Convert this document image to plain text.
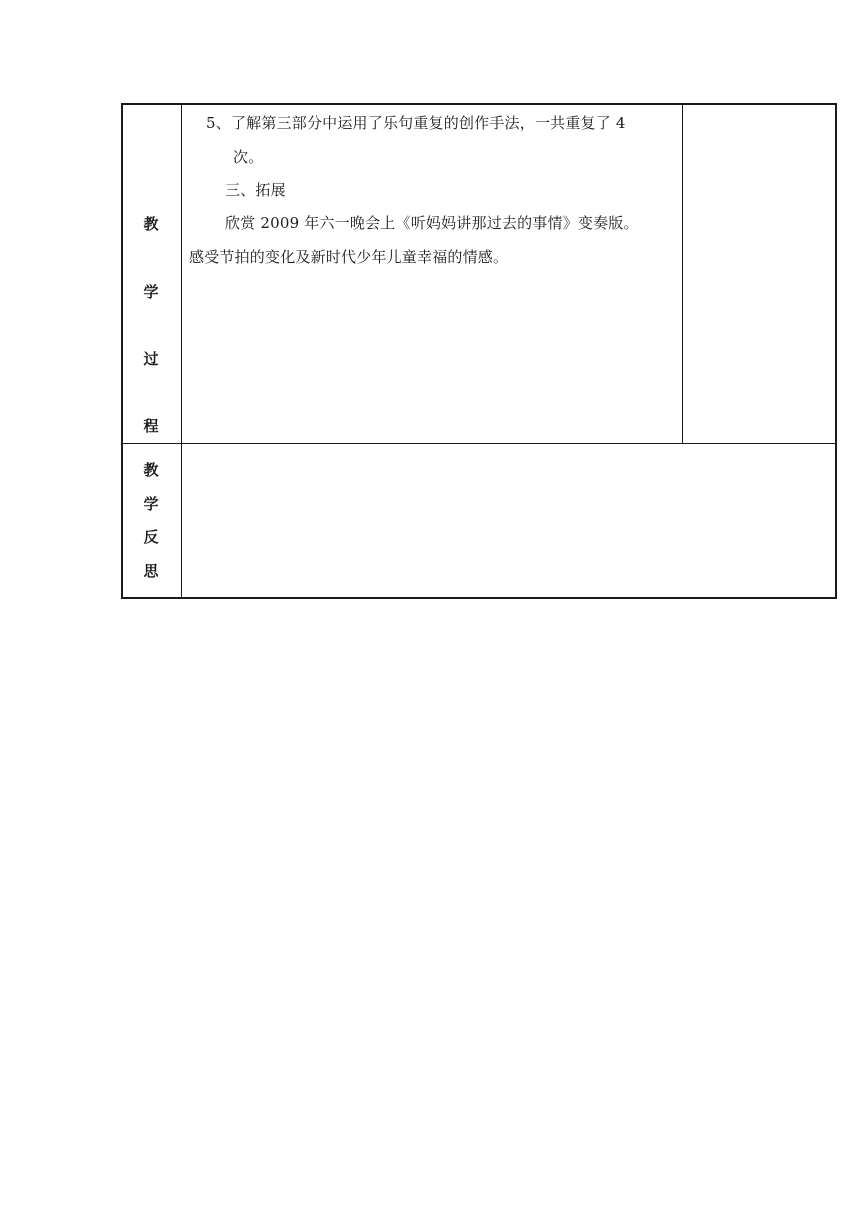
教
学
过
程
5、了解第三部分中运用了乐句重复的创作手法，一共重复了 4
次。
三、拓展
欣赏 2009 年六一晚会上《听妈妈讲那过去的事情》变奏版。
感受节拍的变化及新时代少年儿童幸福的情感。
教
学
反
思
